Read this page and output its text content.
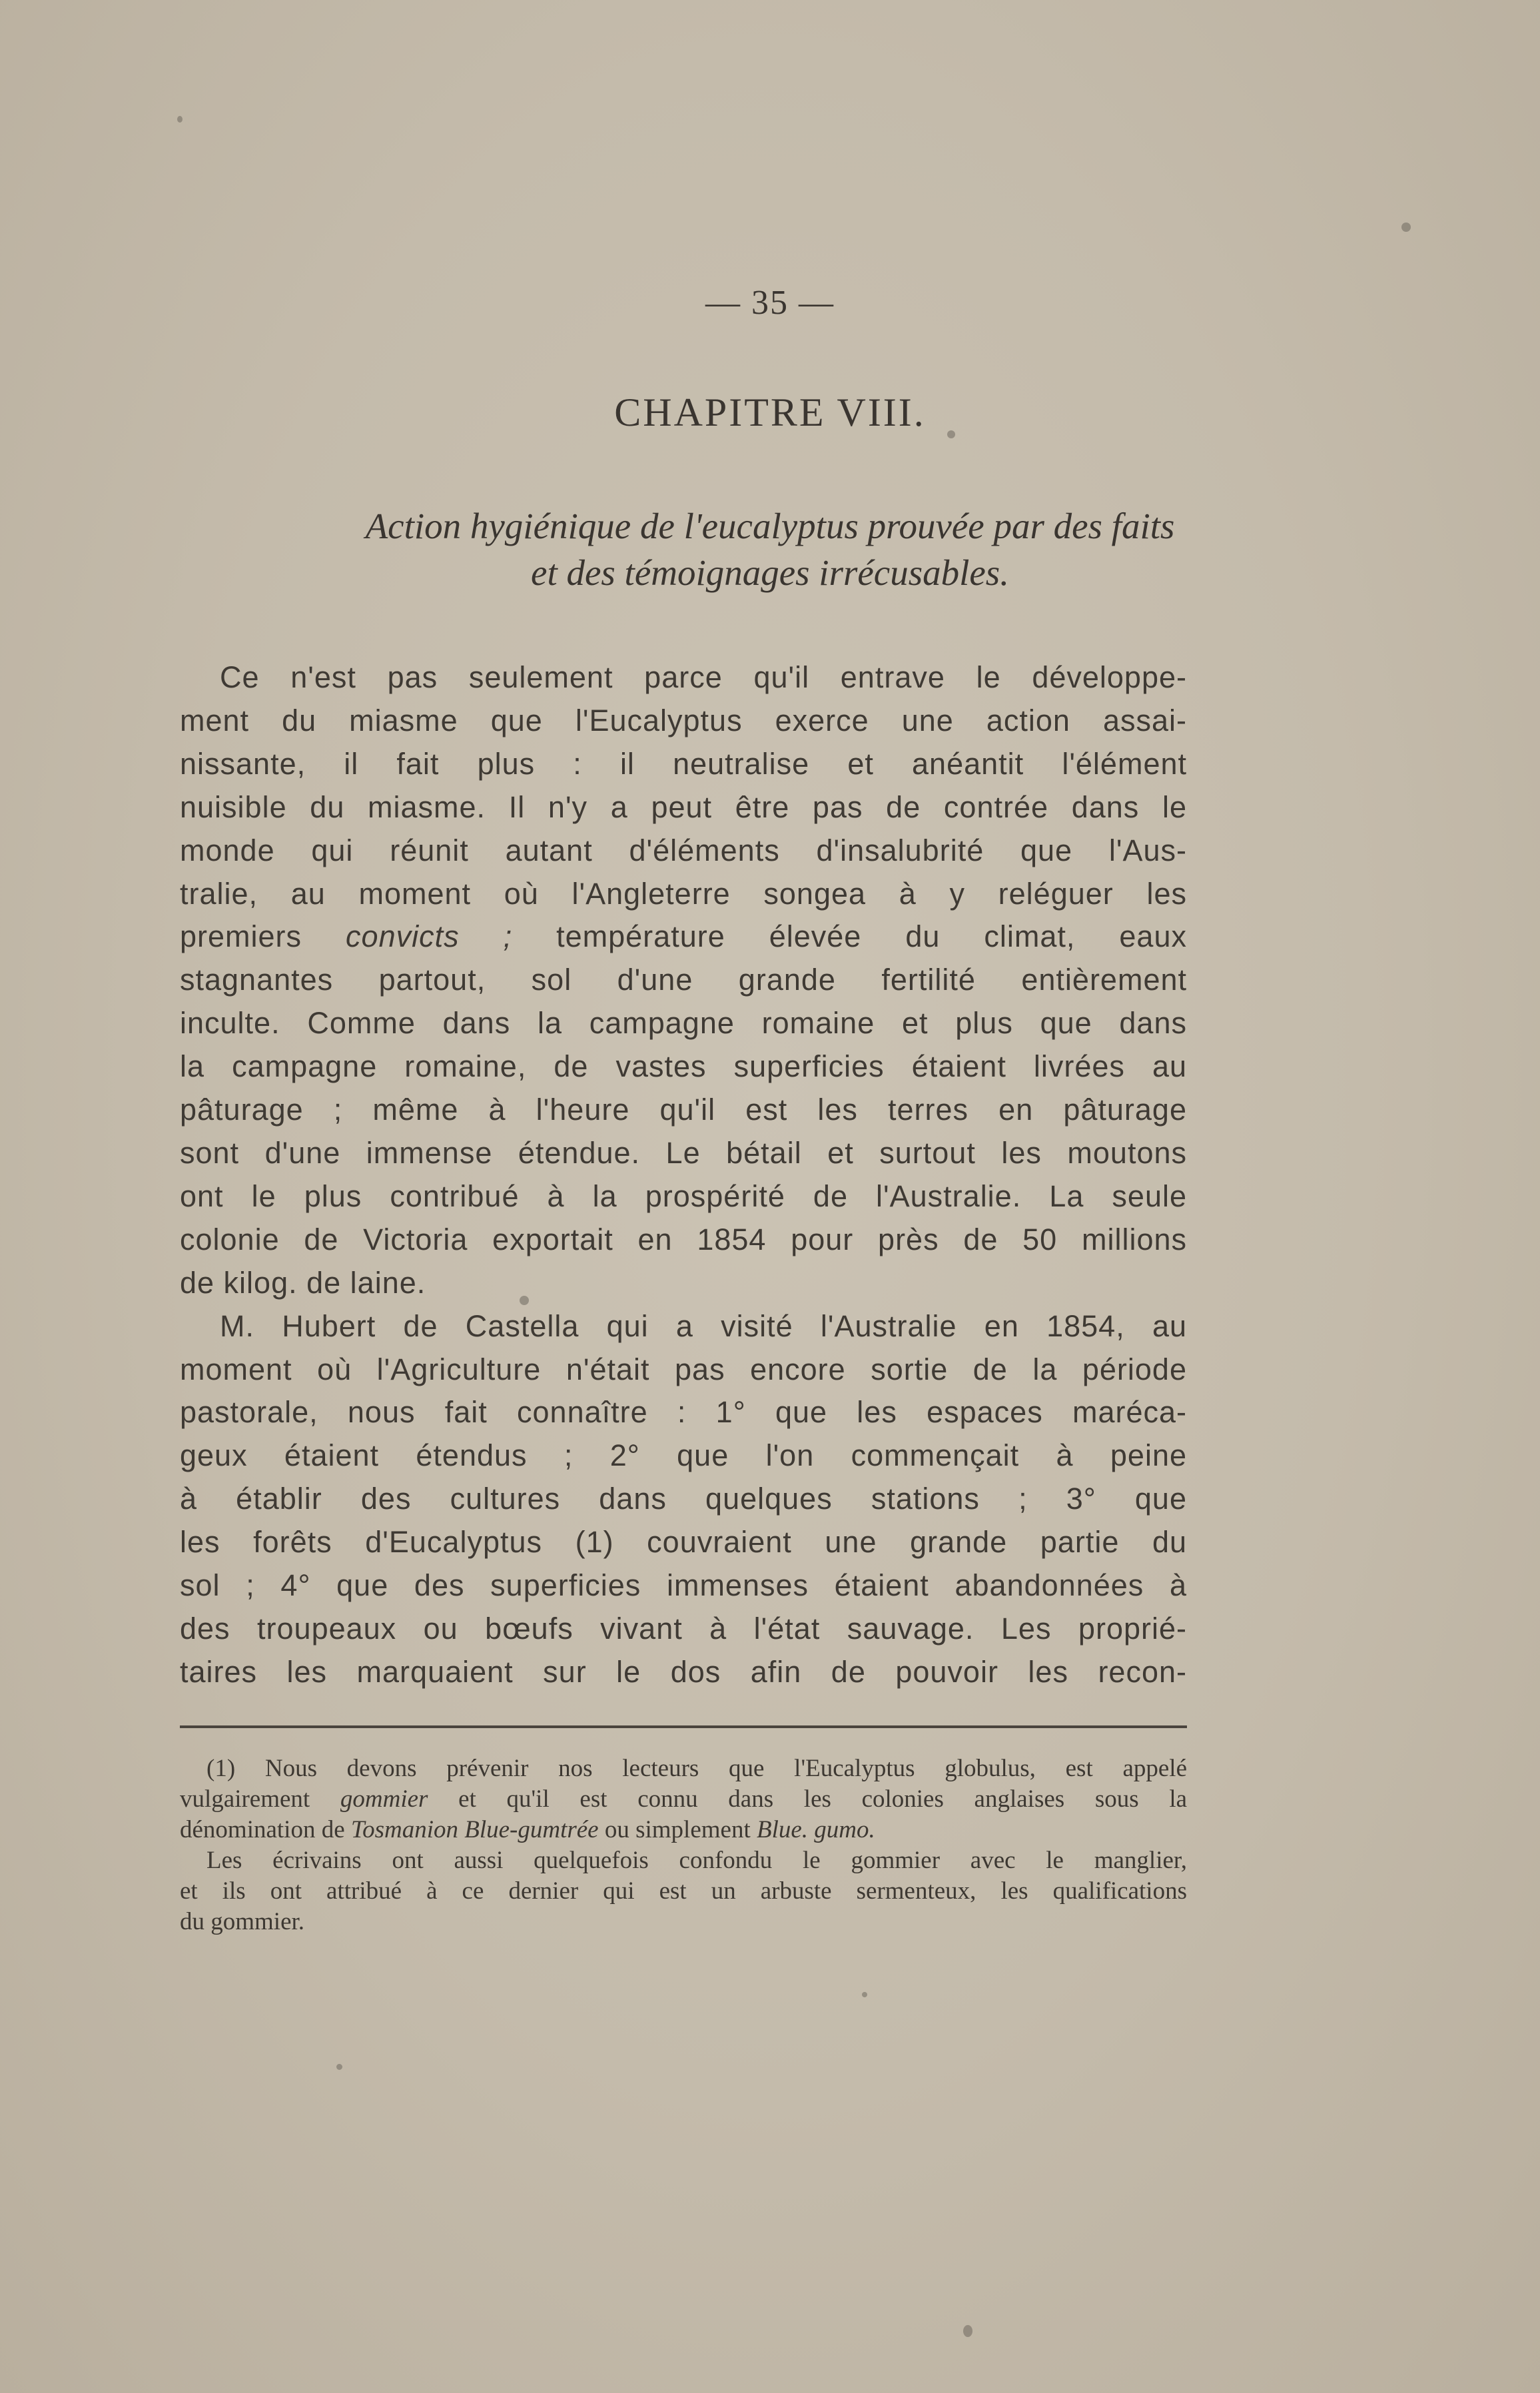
— 35 —
CHAPITRE VIII.
Action hygiénique de l'eucalyptus prouvée par des faits
et des témoignages irrécusables.
Ce n'est pas seulement parce qu'il entrave le développe-
ment du miasme que l'Eucalyptus exerce une action assai-
nissante, il fait plus : il neutralise et anéantit l'élément
nuisible du miasme. Il n'y a peut être pas de contrée dans le
monde qui réunit autant d'éléments d'insalubrité que l'Aus-
tralie, au moment où l'Angleterre songea à y reléguer les
premiers convicts ; température élevée du climat, eaux
stagnantes partout, sol d'une grande fertilité entièrement
inculte. Comme dans la campagne romaine et plus que dans
la campagne romaine, de vastes superficies étaient livrées au
pâturage ; même à l'heure qu'il est les terres en pâturage
sont d'une immense étendue. Le bétail et surtout les moutons
ont le plus contribué à la prospérité de l'Australie. La seule
colonie de Victoria exportait en 1854 pour près de 50 millions
de kilog. de laine.
M. Hubert de Castella qui a visité l'Australie en 1854, au
moment où l'Agriculture n'était pas encore sortie de la période
pastorale, nous fait connaître : 1° que les espaces maréca-
geux étaient étendus ; 2° que l'on commençait à peine
à établir des cultures dans quelques stations ; 3° que
les forêts d'Eucalyptus (1) couvraient une grande partie du
sol ; 4° que des superficies immenses étaient abandonnées à
des troupeaux ou bœufs vivant à l'état sauvage. Les proprié-
taires les marquaient sur le dos afin de pouvoir les recon-
(1) Nous devons prévenir nos lecteurs que l'Eucalyptus globulus, est appelé
vulgairement gommier et qu'il est connu dans les colonies anglaises sous la
dénomination de Tosmanion Blue-gumtrée ou simplement Blue. gumo.
Les écrivains ont aussi quelquefois confondu le gommier avec le manglier,
et ils ont attribué à ce dernier qui est un arbuste sermenteux, les qualifications
du gommier.
